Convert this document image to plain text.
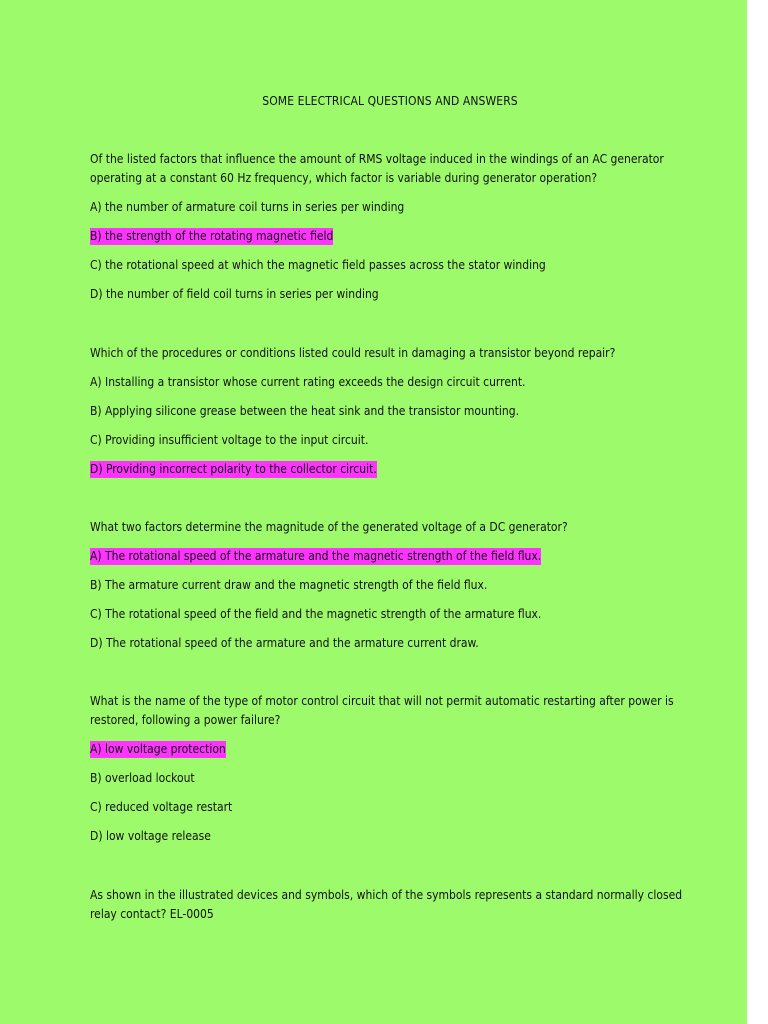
SOME ELECTRICAL QUESTIONS AND ANSWERS
Of the listed factors that influence the amount of RMS voltage induced in the windings of an AC generator operating at a constant 60 Hz frequency, which factor is variable during generator operation?
A) the number of armature coil turns in series per winding
B) the strength of the rotating magnetic field
C) the rotational speed at which the magnetic field passes across the stator winding
D) the number of field coil turns in series per winding
Which of the procedures or conditions listed could result in damaging a transistor beyond repair?
A) Installing a transistor whose current rating exceeds the design circuit current.
B) Applying silicone grease between the heat sink and the transistor mounting.
C) Providing insufficient voltage to the input circuit.
D) Providing incorrect polarity to the collector circuit.
What two factors determine the magnitude of the generated voltage of a DC generator?
A) The rotational speed of the armature and the magnetic strength of the field flux.
B) The armature current draw and the magnetic strength of the field flux.
C) The rotational speed of the field and the magnetic strength of the armature flux.
D) The rotational speed of the armature and the armature current draw.
What is the name of the type of motor control circuit that will not permit automatic restarting after power is restored, following a power failure?
A) low voltage protection
B) overload lockout
C) reduced voltage restart
D) low voltage release
As shown in the illustrated devices and symbols, which of the symbols represents a standard normally closed relay contact? EL-0005
